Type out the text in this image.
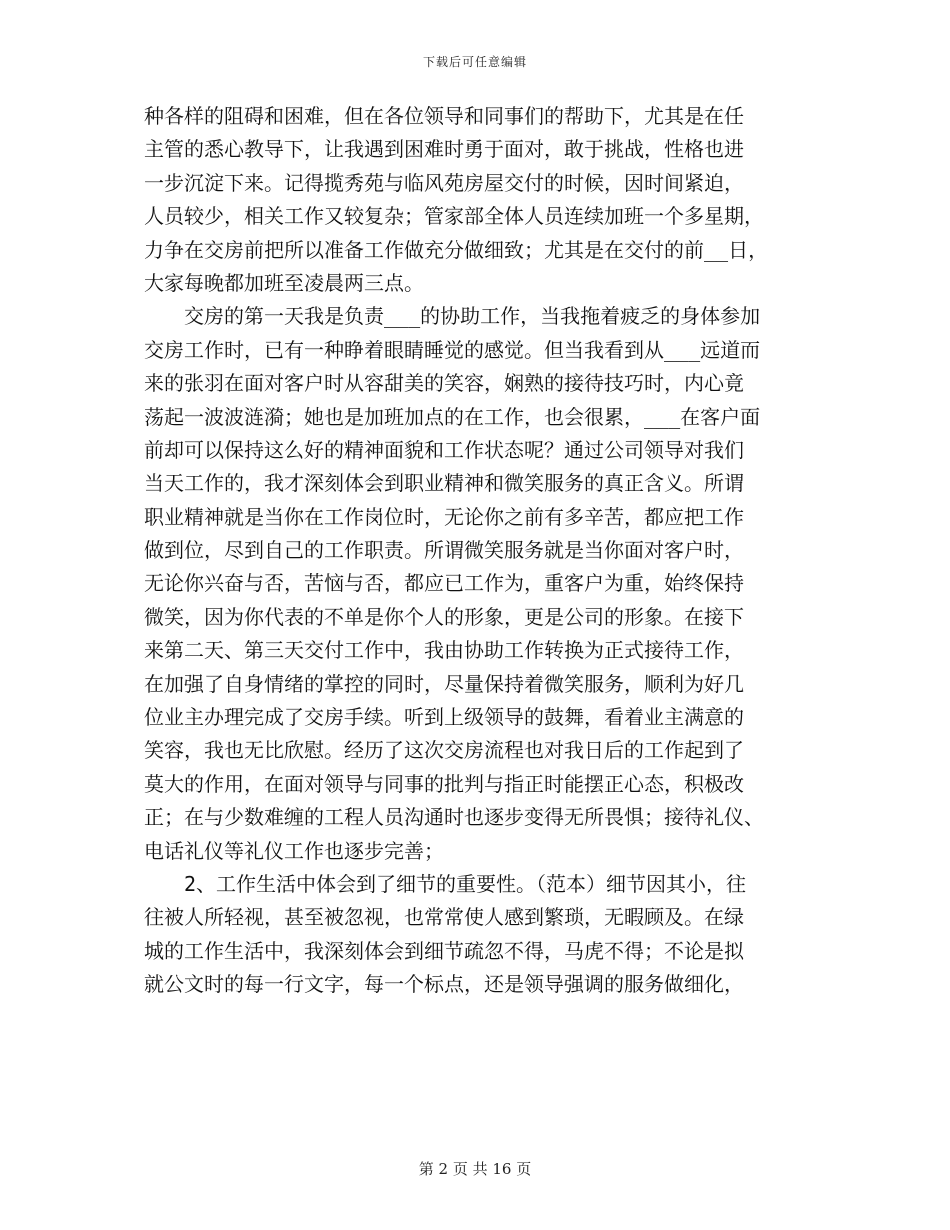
下载后可任意编辑
种各样的阻碍和困难，但在各位领导和同事们的帮助下，尤其是在任
主管的悉心教导下，让我遇到困难时勇于面对，敢于挑战，性格也进
一步沉淀下来。记得揽秀苑与临风苑房屋交付的时候，因时间紧迫，
人员较少，相关工作又较复杂；管家部全体人员连续加班一个多星期，
力争在交房前把所以准备工作做充分做细致；尤其是在交付的前__日，
大家每晚都加班至凌晨两三点。
　　交房的第一天我是负责___的协助工作，当我拖着疲乏的身体参加
交房工作时，已有一种睁着眼睛睡觉的感觉。但当我看到从___远道而
来的张羽在面对客户时从容甜美的笑容，娴熟的接待技巧时，内心竟
荡起一波波涟漪；她也是加班加点的在工作，也会很累，___在客户面
前却可以保持这么好的精神面貌和工作状态呢？通过公司领导对我们
当天工作的，我才深刻体会到职业精神和微笑服务的真正含义。所谓
职业精神就是当你在工作岗位时，无论你之前有多辛苦，都应把工作
做到位，尽到自己的工作职责。所谓微笑服务就是当你面对客户时，
无论你兴奋与否，苦恼与否，都应已工作为，重客户为重，始终保持
微笑，因为你代表的不单是你个人的形象，更是公司的形象。在接下
来第二天、第三天交付工作中，我由协助工作转换为正式接待工作，
在加强了自身情绪的掌控的同时，尽量保持着微笑服务，顺利为好几
位业主办理完成了交房手续。听到上级领导的鼓舞，看着业主满意的
笑容，我也无比欣慰。经历了这次交房流程也对我日后的工作起到了
莫大的作用，在面对领导与同事的批判与指正时能摆正心态，积极改
正；在与少数难缠的工程人员沟通时也逐步变得无所畏惧；接待礼仪、
电话礼仪等礼仪工作也逐步完善；
　　2、工作生活中体会到了细节的重要性。（范本）细节因其小，往
往被人所轻视，甚至被忽视，也常常使人感到繁琐，无暇顾及。在绿
城的工作生活中，我深刻体会到细节疏忽不得，马虎不得；不论是拟
就公文时的每一行文字，每一个标点，还是领导强调的服务做细化，
第 2 页 共 16 页
